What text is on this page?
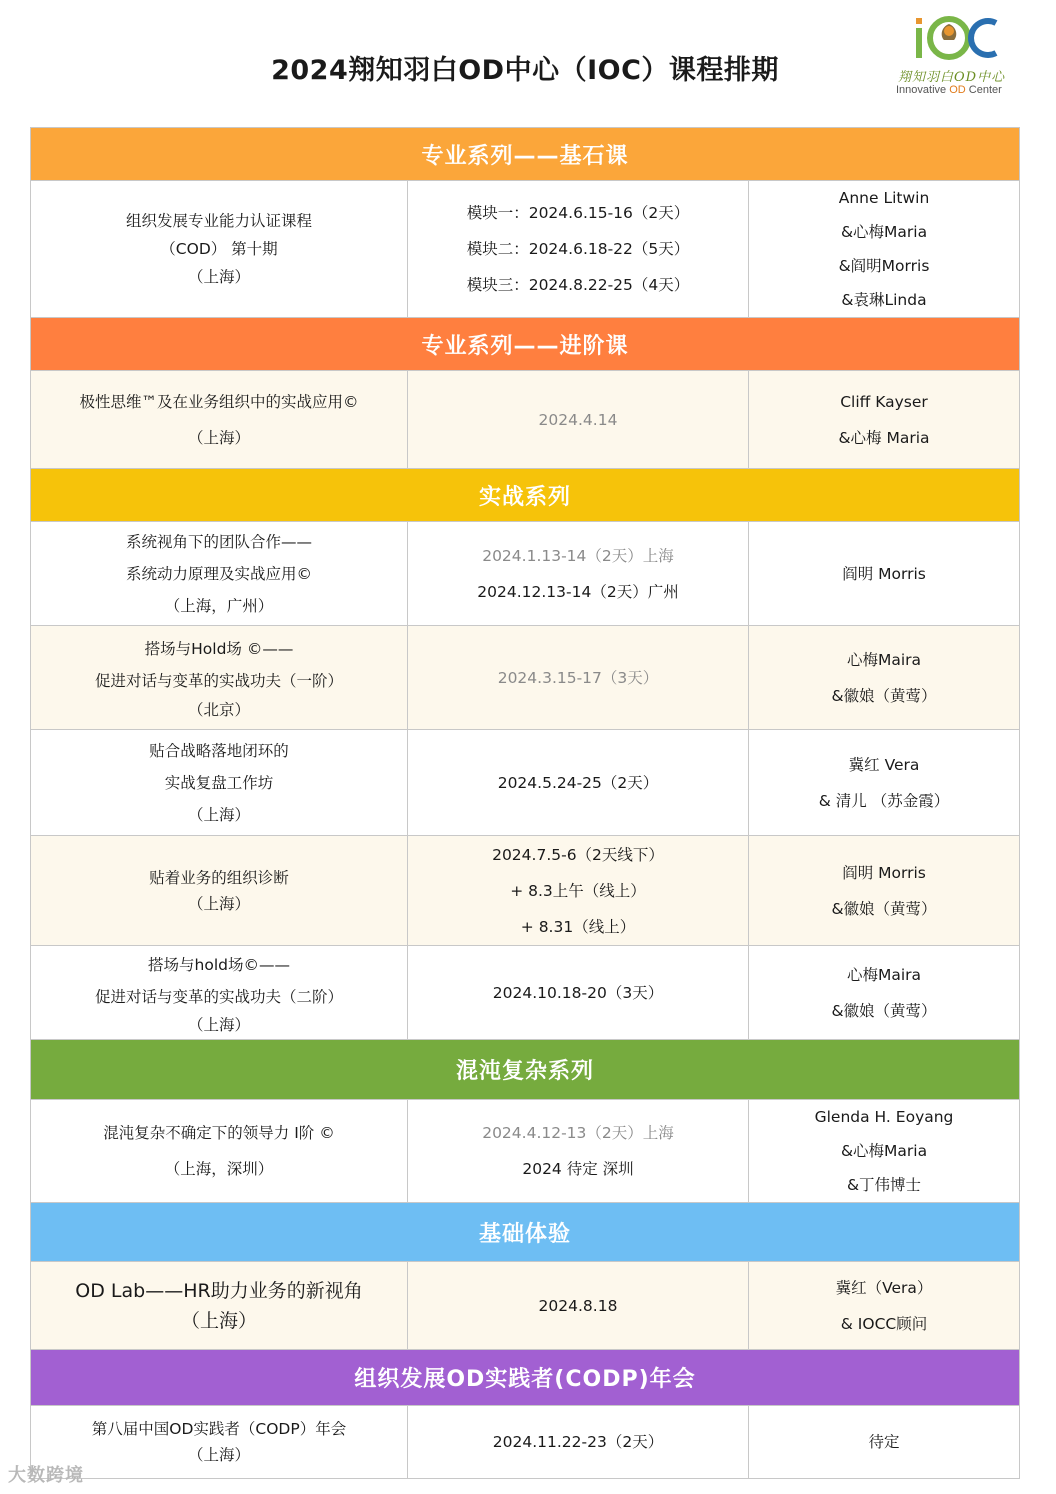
2024翔知羽白OD中心（IOC）课程排期	翔知羽白OD中心
Innovative OD Center
专业系列——基石课		

组织发展专业能力认证课程
（COD） 第十期
（上海）	模块一：2024.6.15-16（2天）
模块二：2024.6.18-22（5天）
模块三：2024.8.22-25（4天）	Anne Litwin
&心梅Maria
&阎明Morris
&袁琳Linda

专业系列——进阶课		

极性思维™及在业务组织中的实战应用©
（上海）	2024.4.14	Cliff Kayser
&心梅 Maria

实战系列		

系统视角下的团队合作——
系统动力原理及实战应用©
（上海，广州）	2024.1.13-14（2天）上海
2024.12.13-14（2天）广州	阎明 Morris

搭场与Hold场 ©——
促进对话与变革的实战功夫（一阶）
（北京）	2024.3.15-17（3天）	心梅Maira
&徽娘（黄莺）

贴合战略落地闭环的
实战复盘工作坊
（上海）	2024.5.24-25（2天）	冀红 Vera
& 清儿 （苏金霞）

贴着业务的组织诊断
（上海）	2024.7.5-6（2天线下）
+ 8.3上午（线上）
+ 8.31（线上）	阎明 Morris
&徽娘（黄莺）

搭场与hold场©——
促进对话与变革的实战功夫（二阶）
（上海）	2024.10.18-20（3天）	心梅Maira
&徽娘（黄莺）

混沌复杂系列		

混沌复杂不确定下的领导力 I阶 ©
（上海，深圳）	2024.4.12-13（2天）上海
2024 待定 深圳	Glenda H. Eoyang
&心梅Maria
&丁伟博士

基础体验		

OD Lab——HR助力业务的新视角
（上海）	2024.8.18	冀红（Vera）
& IOCC顾问

组织发展OD实践者(CODP)年会		

第八届中国OD实践者（CODP）年会
（上海）	2024.11.22-23（2天）	待定
大数跨境
